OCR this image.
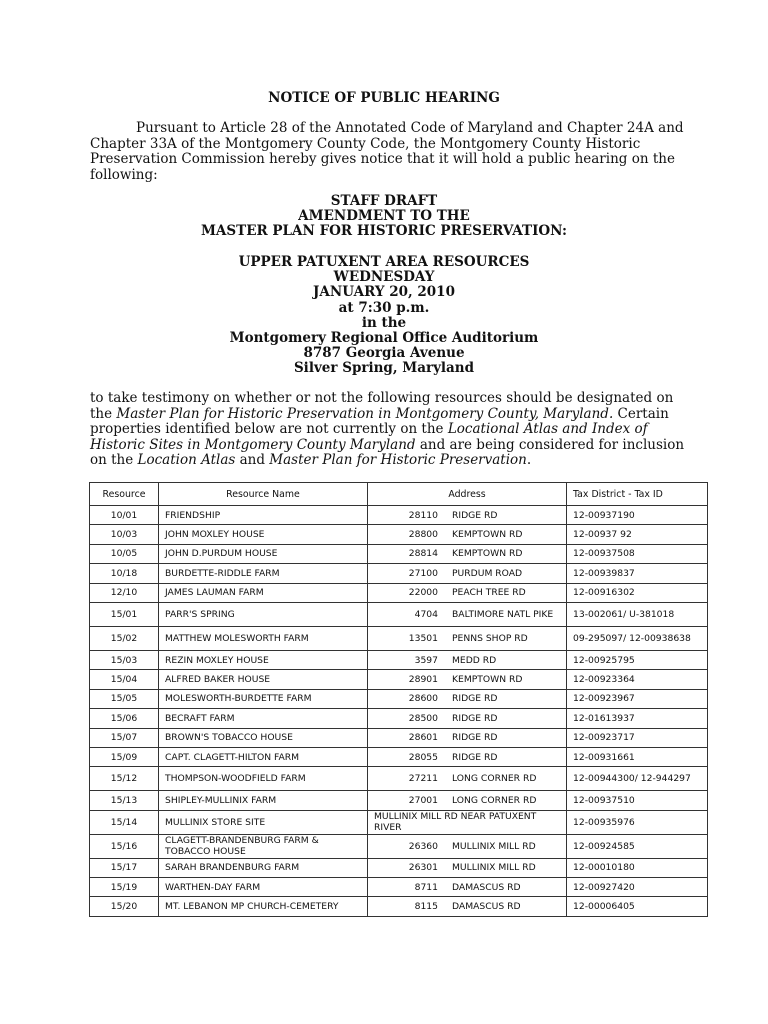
NOTICE OF PUBLIC HEARING
Pursuant to Article 28 of the Annotated Code of Maryland and Chapter 24A and Chapter 33A of the Montgomery County Code, the Montgomery County Historic Preservation Commission hereby gives notice that it will hold a public hearing on the following:
STAFF DRAFT
AMENDMENT TO THE
MASTER PLAN FOR HISTORIC PRESERVATION:
UPPER PATUXENT AREA RESOURCES
WEDNESDAY
JANUARY 20, 2010
at 7:30 p.m.
in the
Montgomery Regional Office Auditorium
8787 Georgia Avenue
Silver Spring, Maryland
to take testimony on whether or not the following resources should be designated on the Master Plan for Historic Preservation in Montgomery County, Maryland. Certain properties identified below are not currently on the Locational Atlas and Index of Historic Sites in Montgomery County Maryland and are being considered for inclusion on the Location Atlas and Master Plan for Historic Preservation.
Resource	Resource Name	Address	Tax District - Tax ID
10/01	FRIENDSHIP	28110 RIDGE RD	12-00937190
10/03	JOHN MOXLEY HOUSE	28800 KEMPTOWN RD	12-00937 92
10/05	JOHN D.PURDUM HOUSE	28814 KEMPTOWN RD	12-00937508
10/18	BURDETTE-RIDDLE FARM	27100 PURDUM ROAD	12-00939837
12/10	JAMES LAUMAN FARM	22000 PEACH TREE RD	12-00916302
15/01	PARR'S SPRING	4704 BALTIMORE NATL PIKE	13-002061/ U-381018
15/02	MATTHEW MOLESWORTH FARM	13501 PENNS SHOP RD	09-295097/ 12-00938638
15/03	REZIN MOXLEY HOUSE	3597 MEDD RD	12-00925795
15/04	ALFRED BAKER HOUSE	28901 KEMPTOWN RD	12-00923364
15/05	MOLESWORTH-BURDETTE FARM	28600 RIDGE RD	12-00923967
15/06	BECRAFT FARM	28500 RIDGE RD	12-01613937
15/07	BROWN'S TOBACCO HOUSE	28601 RIDGE RD	12-00923717
15/09	CAPT. CLAGETT-HILTON FARM	28055 RIDGE RD	12-00931661
15/12	THOMPSON-WOODFIELD FARM	27211 LONG CORNER RD	12-00944300/ 12-944297
15/13	SHIPLEY-MULLINIX FARM	27001 LONG CORNER RD	12-00937510
15/14	MULLINIX STORE SITE	MULLINIX MILL RD NEAR PATUXENT RIVER	12-00935976
15/16	CLAGETT-BRANDENBURG FARM & TOBACCO HOUSE	26360 MULLINIX MILL RD	12-00924585
15/17	SARAH BRANDENBURG FARM	26301 MULLINIX MILL RD	12-00010180
15/19	WARTHEN-DAY FARM	8711 DAMASCUS RD	12-00927420
15/20	MT. LEBANON MP CHURCH-CEMETERY	8115 DAMASCUS RD	12-00006405
